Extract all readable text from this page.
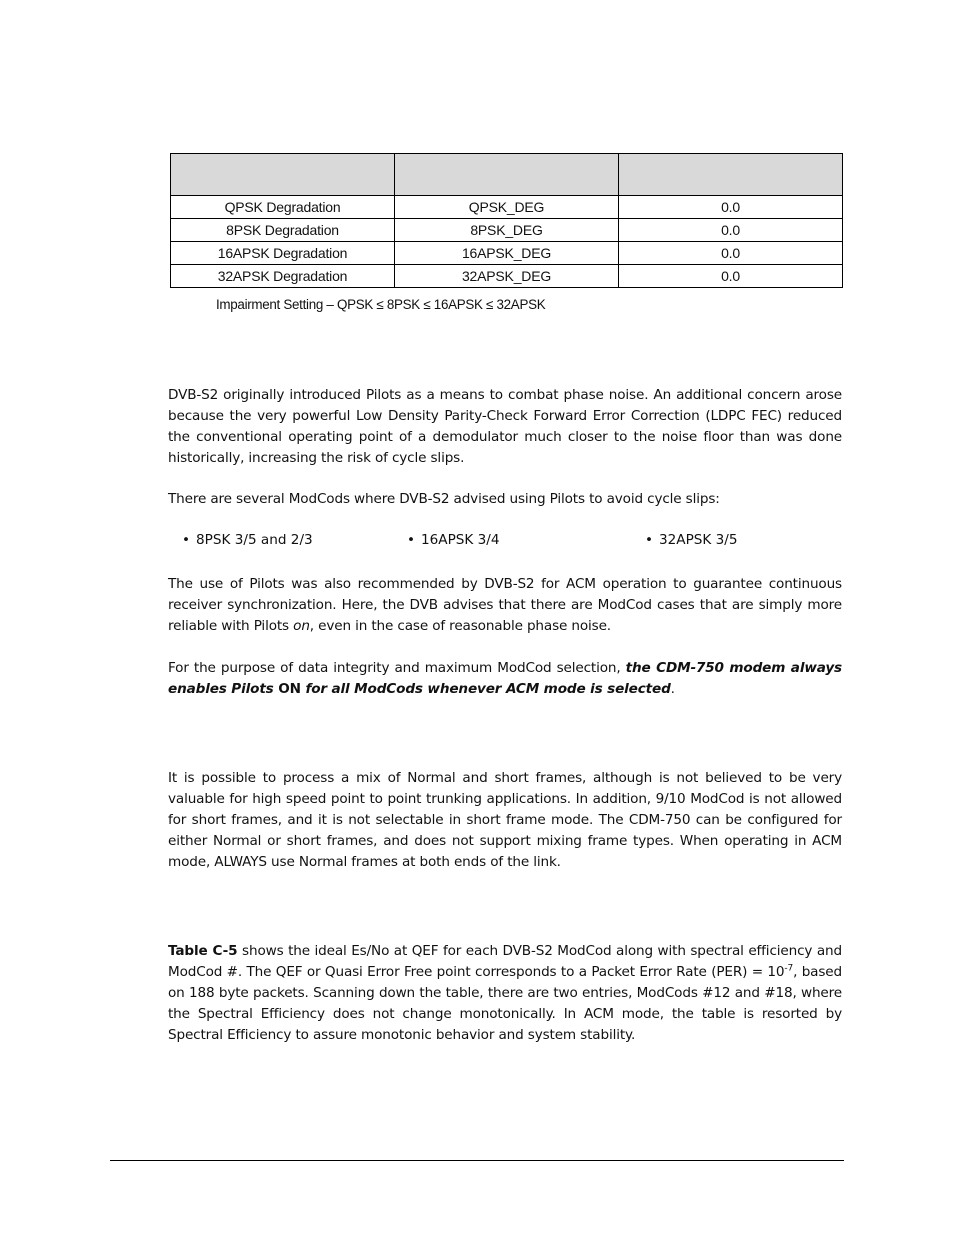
QPSK Degradation	QPSK_DEG	0.0
8PSK Degradation	8PSK_DEG	0.0
16APSK Degradation	16APSK_DEG	0.0
32APSK Degradation	32APSK_DEG	0.0
Impairment Setting – QPSK ≤ 8PSK ≤ 16APSK ≤ 32APSK

DVB-S2 originally introduced Pilots as a means to combat phase noise. An additional concern arose because the very powerful Low Density Parity-Check Forward Error Correction (LDPC FEC) reduced the conventional operating point of a demodulator much closer to the noise floor than was done historically, increasing the risk of cycle slips.

There are several ModCods where DVB-S2 advised using Pilots to avoid cycle slips:

• 8PSK 3/5 and 2/3	• 16APSK 3/4	• 32APSK 3/5

The use of Pilots was also recommended by DVB-S2 for ACM operation to guarantee continuous receiver synchronization. Here, the DVB advises that there are ModCod cases that are simply more reliable with Pilots on, even in the case of reasonable phase noise.

For the purpose of data integrity and maximum ModCod selection, the CDM-750 modem always enables Pilots ON for all ModCods whenever ACM mode is selected.

It is possible to process a mix of Normal and short frames, although is not believed to be very valuable for high speed point to point trunking applications. In addition, 9/10 ModCod is not allowed for short frames, and it is not selectable in short frame mode. The CDM-750 can be configured for either Normal or short frames, and does not support mixing frame types. When operating in ACM mode, ALWAYS use Normal frames at both ends of the link.

Table C-5 shows the ideal Es/No at QEF for each DVB-S2 ModCod along with spectral efficiency and ModCod #. The QEF or Quasi Error Free point corresponds to a Packet Error Rate $(PER) = 10^{-7}$, based on 188 byte packets. Scanning down the table, there are two entries, ModCods #12 and #18, where the Spectral Efficiency does not change monotonically. In ACM mode, the table is resorted by Spectral Efficiency to assure monotonic behavior and system stability.
